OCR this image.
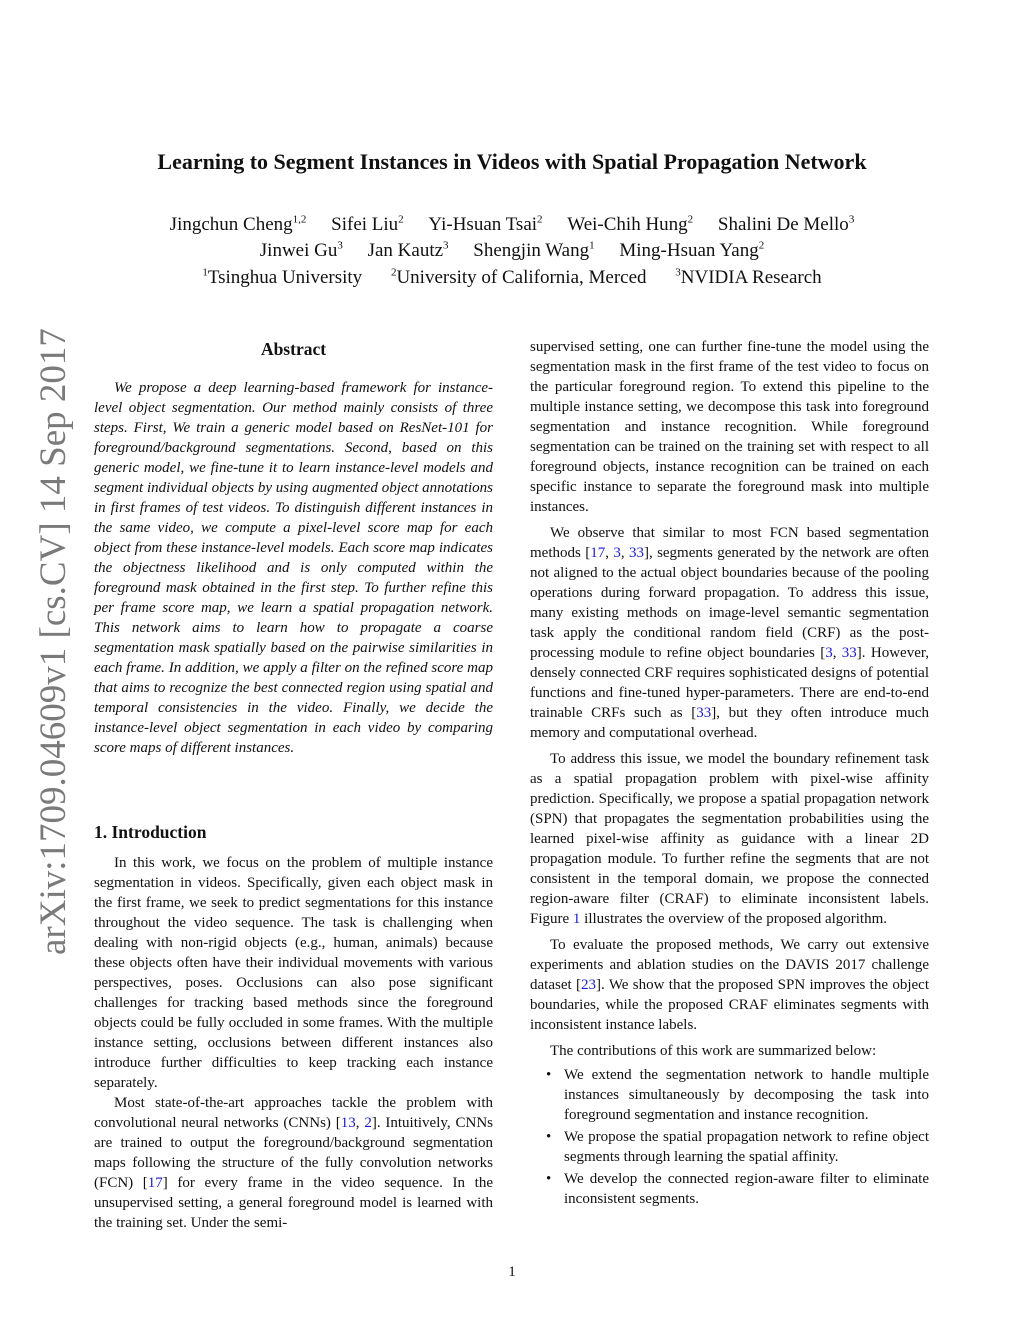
arXiv:1709.04609v1 [cs.CV] 14 Sep 2017
Learning to Segment Instances in Videos with Spatial Propagation Network
Jingchun Cheng$^{1,2}$ Sifei Liu$^2$ Yi-Hsuan Tsai$^2$ Wei-Chih Hung$^2$ Shalini De Mello$^3$
Jinwei Gu$^3$ Jan Kautz$^3$ Shengjin Wang$^1$ Ming-Hsuan Yang$^2$
$^1$Tsinghua University	$^2$University of California, Merced	$^3$NVIDIA Research
Abstract

We propose a deep learning-based framework for instance-level object segmentation. Our method mainly consists of three steps. First, We train a generic model based on ResNet-101 for foreground/background segmentations. Second, based on this generic model, we fine-tune it to learn instance-level models and segment individual objects by using augmented object annotations in first frames of test videos. To distinguish different instances in the same video, we compute a pixel-level score map for each object from these instance-level models. Each score map indicates the objectness likelihood and is only computed within the foreground mask obtained in the first step. To further refine this per frame score map, we learn a spatial propagation network. This network aims to learn how to propagate a coarse segmentation mask spatially based on the pairwise similarities in each frame. In addition, we apply a filter on the refined score map that aims to recognize the best connected region using spatial and temporal consistencies in the video. Finally, we decide the instance-level object segmentation in each video by comparing score maps of different instances.

1. Introduction

In this work, we focus on the problem of multiple instance segmentation in videos. Specifically, given each object mask in the first frame, we seek to predict segmentations for this instance throughout the video sequence. The task is challenging when dealing with non-rigid objects (e.g., human, animals) because these objects often have their individual movements with various perspectives, poses. Occlusions can also pose significant challenges for tracking based methods since the foreground objects could be fully occluded in some frames. With the multiple instance setting, occlusions between different instances also introduce further difficulties to keep tracking each instance separately.

Most state-of-the-art approaches tackle the problem with convolutional neural networks (CNNs) [13, 2]. Intuitively, CNNs are trained to output the foreground/background segmentation maps following the structure of the fully convolution networks (FCN) [17] for every frame in the video sequence. In the unsupervised setting, a general foreground model is learned with the training set. Under the semi-

supervised setting, one can further fine-tune the model using the segmentation mask in the first frame of the test video to focus on the particular foreground region. To extend this pipeline to the multiple instance setting, we decompose this task into foreground segmentation and instance recognition. While foreground segmentation can be trained on the training set with respect to all foreground objects, instance recognition can be trained on each specific instance to separate the foreground mask into multiple instances.

We observe that similar to most FCN based segmentation methods [17, 3, 33], segments generated by the network are often not aligned to the actual object boundaries because of the pooling operations during forward propagation. To address this issue, many existing methods on image-level semantic segmentation task apply the conditional random field (CRF) as the post-processing module to refine object boundaries [3, 33]. However, densely connected CRF requires sophisticated designs of potential functions and fine-tuned hyper-parameters. There are end-to-end trainable CRFs such as [33], but they often introduce much memory and computational overhead.

To address this issue, we model the boundary refinement task as a spatial propagation problem with pixel-wise affinity prediction. Specifically, we propose a spatial propagation network (SPN) that propagates the segmentation probabilities using the learned pixel-wise affinity as guidance with a linear 2D propagation module. To further refine the segments that are not consistent in the temporal domain, we propose the connected region-aware filter (CRAF) to eliminate inconsistent labels. Figure 1 illustrates the overview of the proposed algorithm.

To evaluate the proposed methods, We carry out extensive experiments and ablation studies on the DAVIS 2017 challenge dataset [23]. We show that the proposed SPN improves the object boundaries, while the proposed CRAF eliminates segments with inconsistent instance labels.

The contributions of this work are summarized below:

• We extend the segmentation network to handle multiple instances simultaneously by decomposing the task into foreground segmentation and instance recognition.
• We propose the spatial propagation network to refine object segments through learning the spatial affinity.
• We develop the connected region-aware filter to eliminate inconsistent segments.
1
